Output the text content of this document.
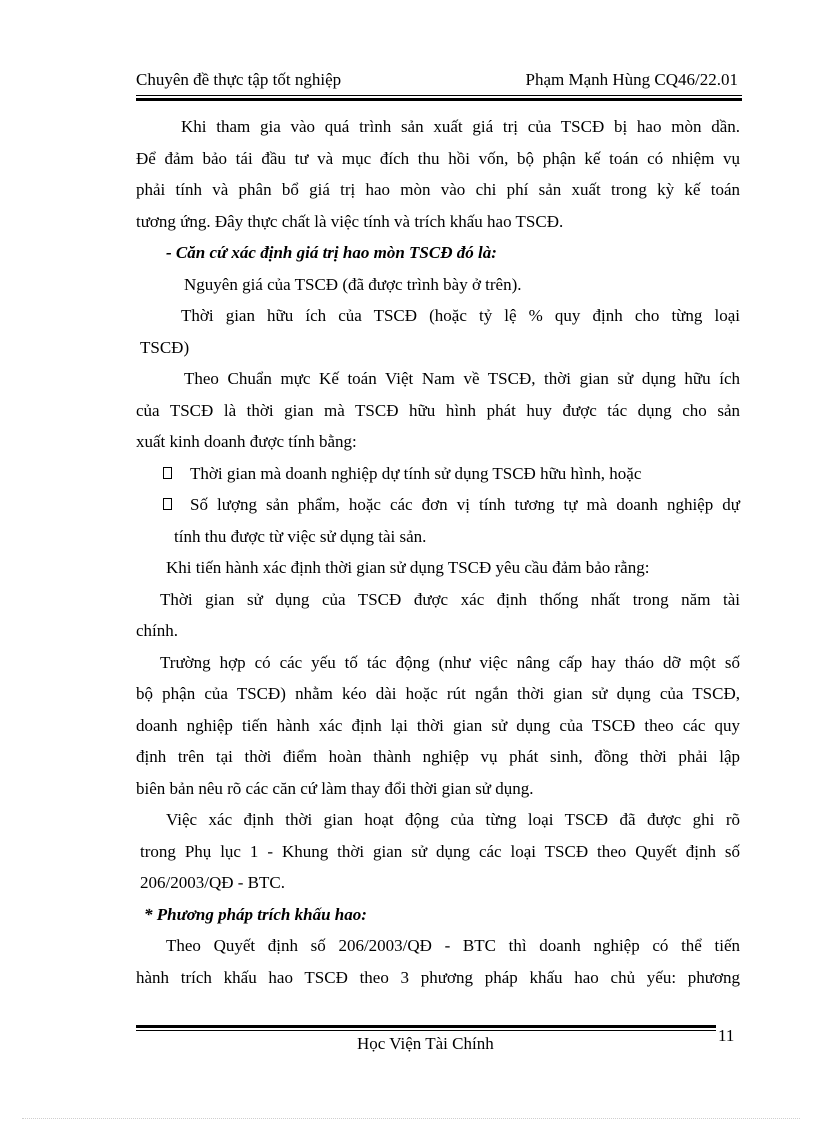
Chuyên đề thực tập tốt nghiệp	Phạm Mạnh Hùng CQ46/22.01
Khi tham gia vào quá trình sản xuất giá trị của TSCĐ bị hao mòn dần.
Để đảm bảo tái đầu tư và mục đích thu hồi vốn, bộ phận kế toán có nhiệm vụ
phải tính và phân bổ giá trị hao mòn vào chi phí sản xuất trong kỳ kế toán
tương ứng. Đây thực chất là việc tính và trích khấu hao TSCĐ.
- Căn cứ xác định giá trị hao mòn TSCĐ đó là:
Nguyên giá của TSCĐ (đã được trình bày ở trên).
Thời gian hữu ích của TSCĐ (hoặc tỷ lệ % quy định cho từng loại
TSCĐ)
Theo Chuẩn mực Kế toán Việt Nam về TSCĐ, thời gian sử dụng hữu ích
của TSCĐ là thời gian mà TSCĐ hữu hình phát huy được tác dụng cho sản
xuất kinh doanh được tính bằng:
Thời gian mà doanh nghiệp dự tính sử dụng TSCĐ hữu hình, hoặc
Số lượng sản phẩm, hoặc các đơn vị tính tương tự mà doanh nghiệp dự
tính thu được từ việc sử dụng tài sản.
Khi tiến hành xác định thời gian sử dụng TSCĐ yêu cầu đảm bảo rằng:
Thời gian sử dụng của TSCĐ được xác định thống nhất trong năm tài
chính.
Trường hợp có các yếu tố tác động (như việc nâng cấp hay tháo dỡ một số
bộ phận của TSCĐ) nhằm kéo dài hoặc rút ngắn thời gian sử dụng của TSCĐ,
doanh nghiệp tiến hành xác định lại thời gian sử dụng của TSCĐ theo các quy
định trên tại thời điểm hoàn thành nghiệp vụ phát sinh, đồng thời phải lập
biên bản nêu rõ các căn cứ làm thay đổi thời gian sử dụng.
Việc xác định thời gian hoạt động của từng loại TSCĐ đã được ghi rõ
trong Phụ lục 1 - Khung thời gian sử dụng các loại TSCĐ theo Quyết định số
206/2003/QĐ - BTC.
* Phương pháp trích khấu hao:
Theo Quyết định số 206/2003/QĐ - BTC thì doanh nghiệp có thể tiến
hành trích khấu hao TSCĐ theo 3 phương pháp khấu hao chủ yếu: phương
Học Viện Tài Chính	11
